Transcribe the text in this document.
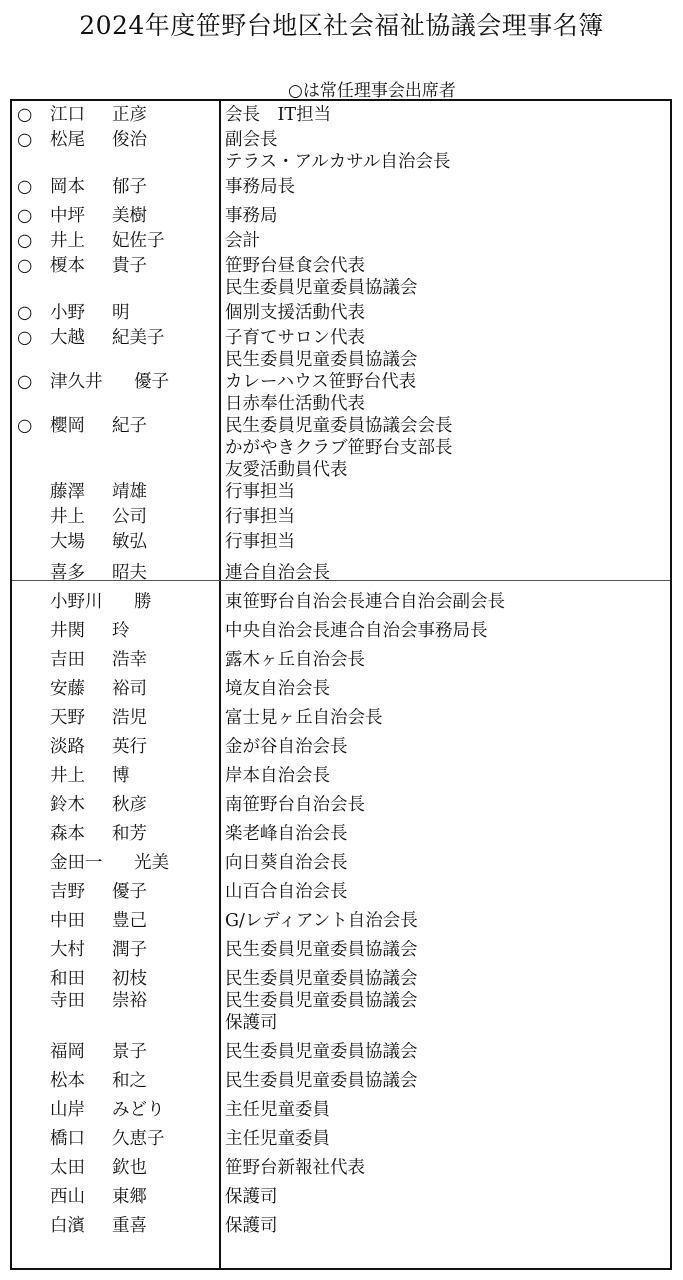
2024年度笹野台地区社会福祉協議会理事名簿
○は常任理事会出席者
○	江口 正彦	会長　IT担当
○	松尾 俊治	副会長
テラス・アルカサル自治会長
○	岡本 郁子	事務局長
○	中坪 美樹	事務局
○	井上 妃佐子	会計
○	榎本 貴子	笹野台昼食会代表
民生委員児童委員協議会
○	小野 明	個別支援活動代表
○	大越 紀美子	子育てサロン代表
民生委員児童委員協議会
○	津久井 優子	カレーハウス笹野台代表
日赤奉仕活動代表
○	櫻岡 紀子	民生委員児童委員協議会会長
かがやきクラブ笹野台支部長
友愛活動員代表
藤澤 靖雄	行事担当
井上 公司	行事担当
大場 敏弘	行事担当
喜多 昭夫	連合自治会長
小野川 勝	東笹野台自治会長連合自治会副会長
井関 玲	中央自治会長連合自治会事務局長
吉田 浩幸	露木ヶ丘自治会長
安藤 裕司	境友自治会長
天野 浩児	富士見ヶ丘自治会長
淡路 英行	金が谷自治会長
井上 博	岸本自治会長
鈴木 秋彦	南笹野台自治会長
森本 和芳	楽老峰自治会長
金田一 光美	向日葵自治会長
吉野 優子	山百合自治会長
中田 豊己	G/レディアント自治会長
大村 潤子	民生委員児童委員協議会
和田 初枝	民生委員児童委員協議会
寺田 崇裕	民生委員児童委員協議会
保護司
福岡 景子	民生委員児童委員協議会
松本 和之	民生委員児童委員協議会
山岸 みどり	主任児童委員
橋口 久恵子	主任児童委員
太田 欽也	笹野台新報社代表
西山 東郷	保護司
白濱 重喜	保護司
